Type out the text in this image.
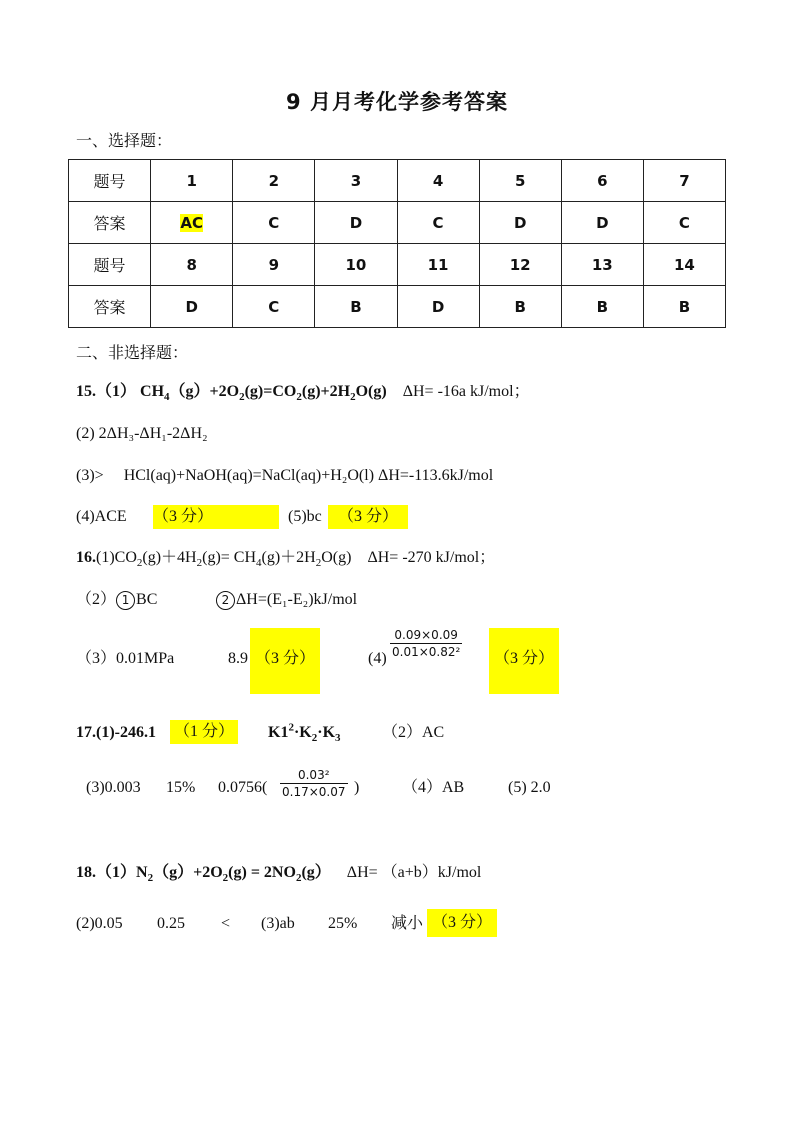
9 月月考化学参考答案
一、选择题：
题号	1	2	3	4	5	6	7
答案	AC	C	D	C	D	D	C
题号	8	9	10	11	12	13	14
答案	D	C	B	D	B	B	B
二、非选择题：
15.（1） $CH_4(g)+2O_2(g)=CO_2(g)+2H_2O(g)$ ΔH= -16a kJ/mol；
(2) 2ΔH₃-ΔH₁-2ΔH₂
(3)> HCl(aq)+NaOH(aq)=NaCl(aq)+H₂O(l) ΔH=-113.6kJ/mol
(4)ACE （3 分）	(5)bc	（3 分）
$16.(1)CO_2(g)+4H_2(g)= CH_4(g)+2H_2O(g)$ ΔH= -270 kJ/mol；
（2） 1 BC	2 ΔH=(E₁-E₂)kJ/mol
（3）0.01MPa	8.9 （3 分）	$(4) \frac{0.09\times 0.09}{\text{0.01×0.82²}}$	（3 分）
17.(1)-246.1 （1 分） $K1^2\cdot K_2\cdot K_3$	（2）AC
(3)0.003 15% $0.0756( \frac{\text{0.03²}}{0.17\times 0.07}$ )	（4）AB	(5) 2.0
$18.(1)N_2(g)+2O_2(g) = 2NO_2(g)$ ΔH= （a+b）kJ/mol
(2)0.05 0.25 < (3)ab 25% 减小 （3 分）
